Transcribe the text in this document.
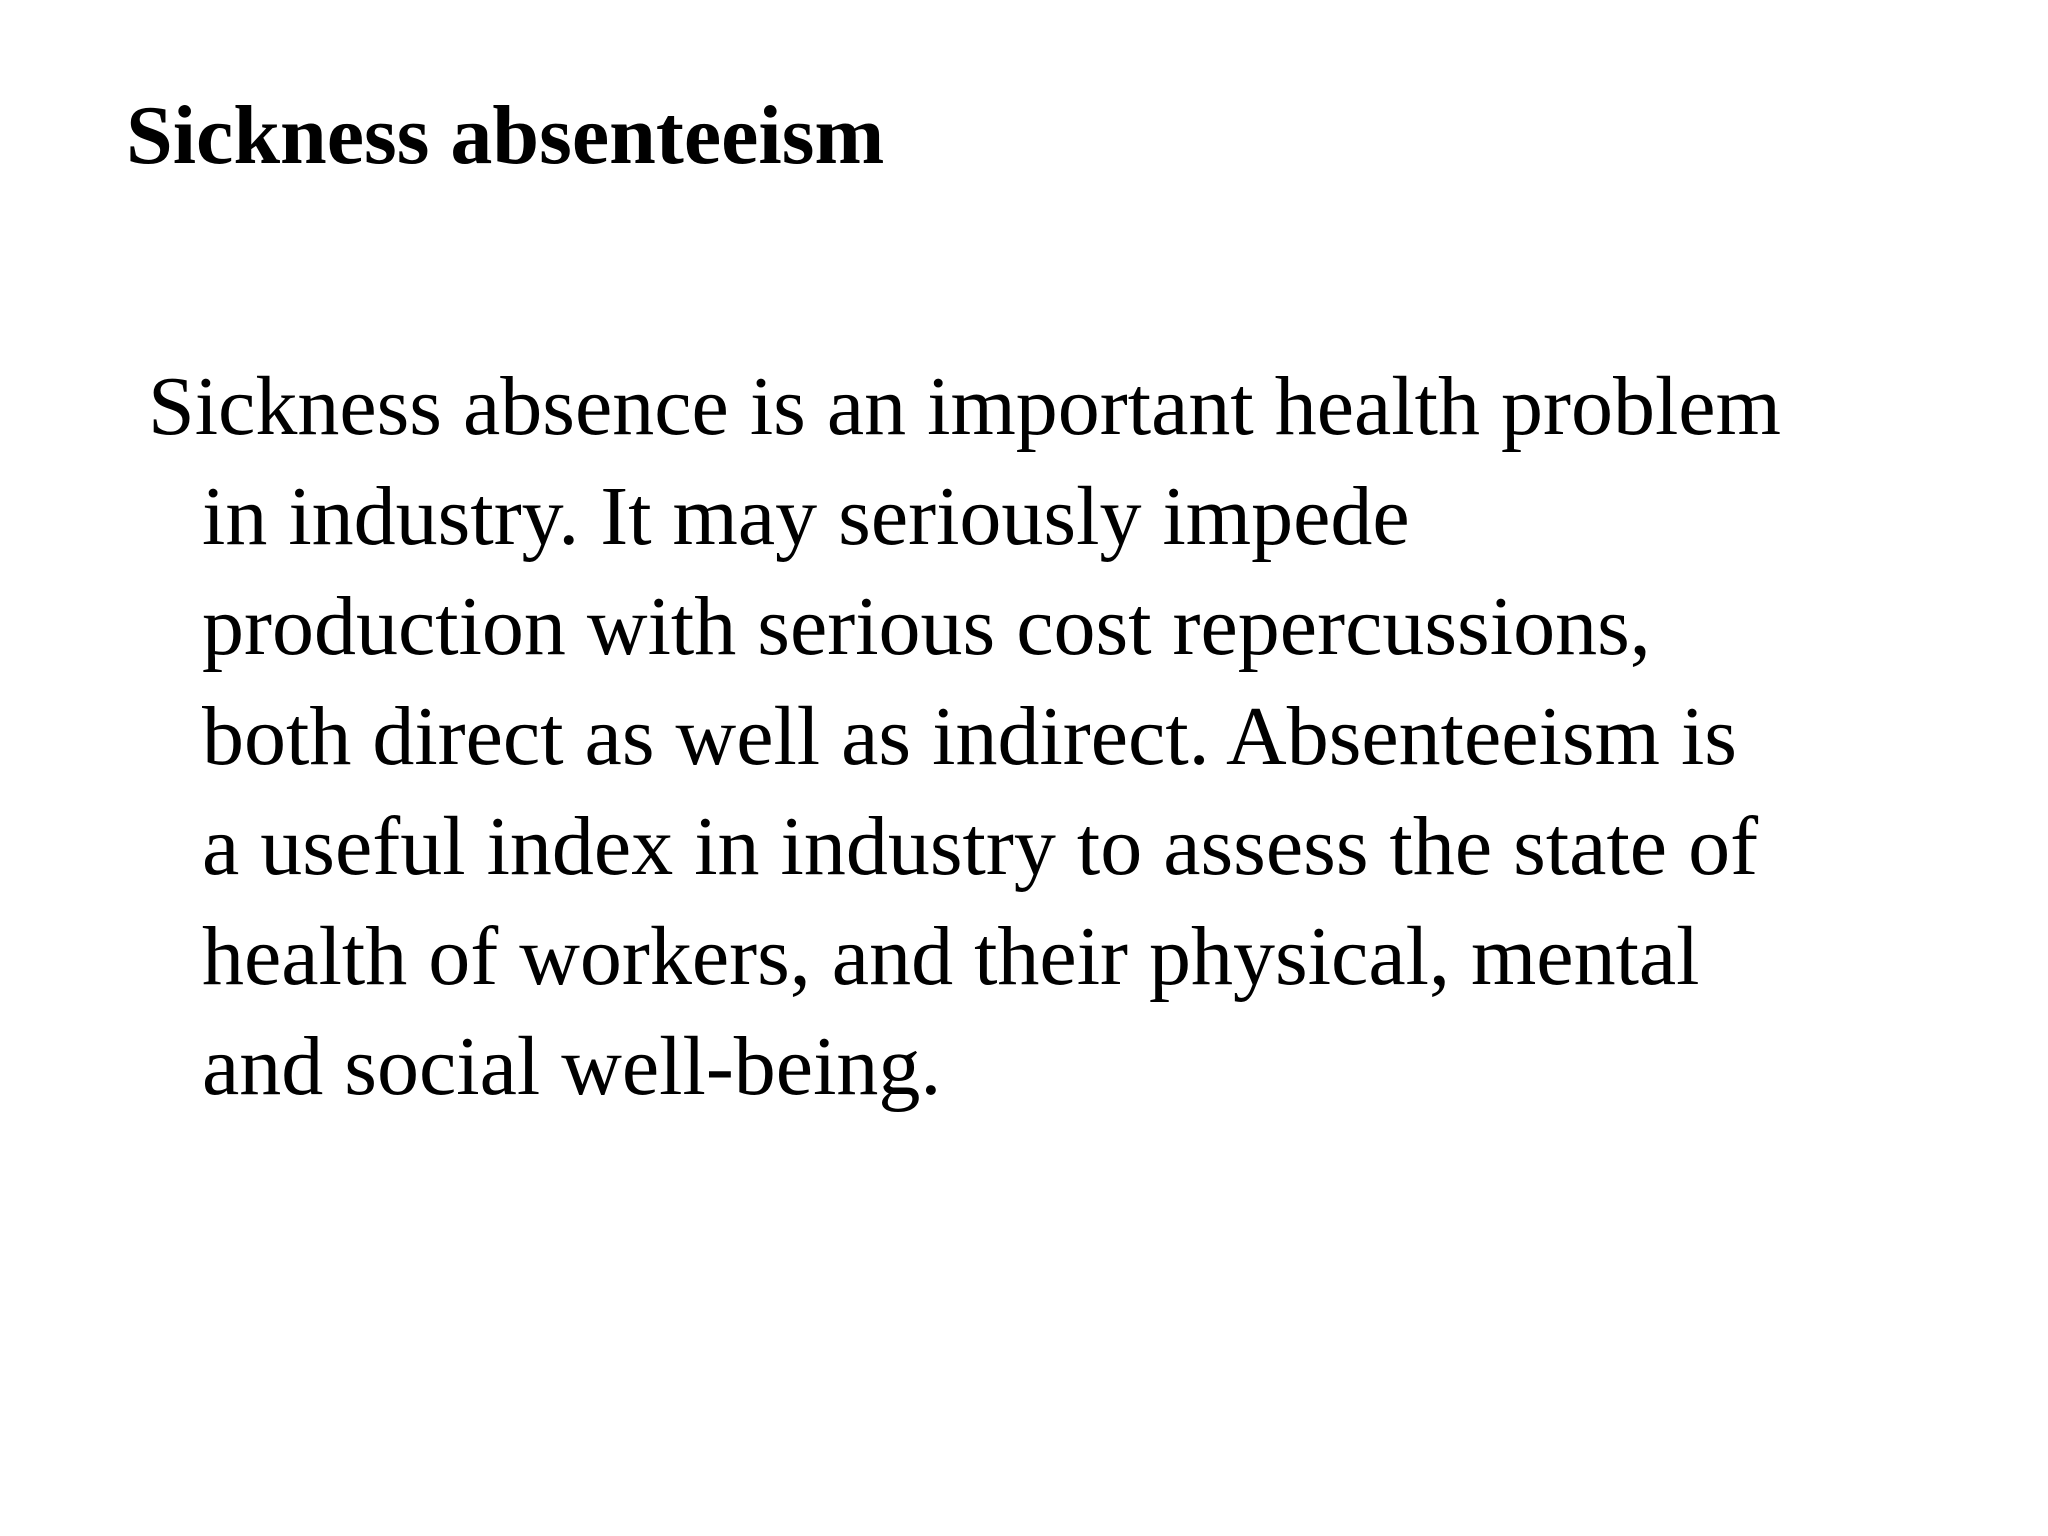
Sickness absenteeism
Sickness absence is an important health problem
in industry. It may seriously impede
production with serious cost repercussions,
both direct as well as indirect. Absenteeism is
a useful index in industry to assess the state of
health of workers, and their physical, mental
and social well-being.
